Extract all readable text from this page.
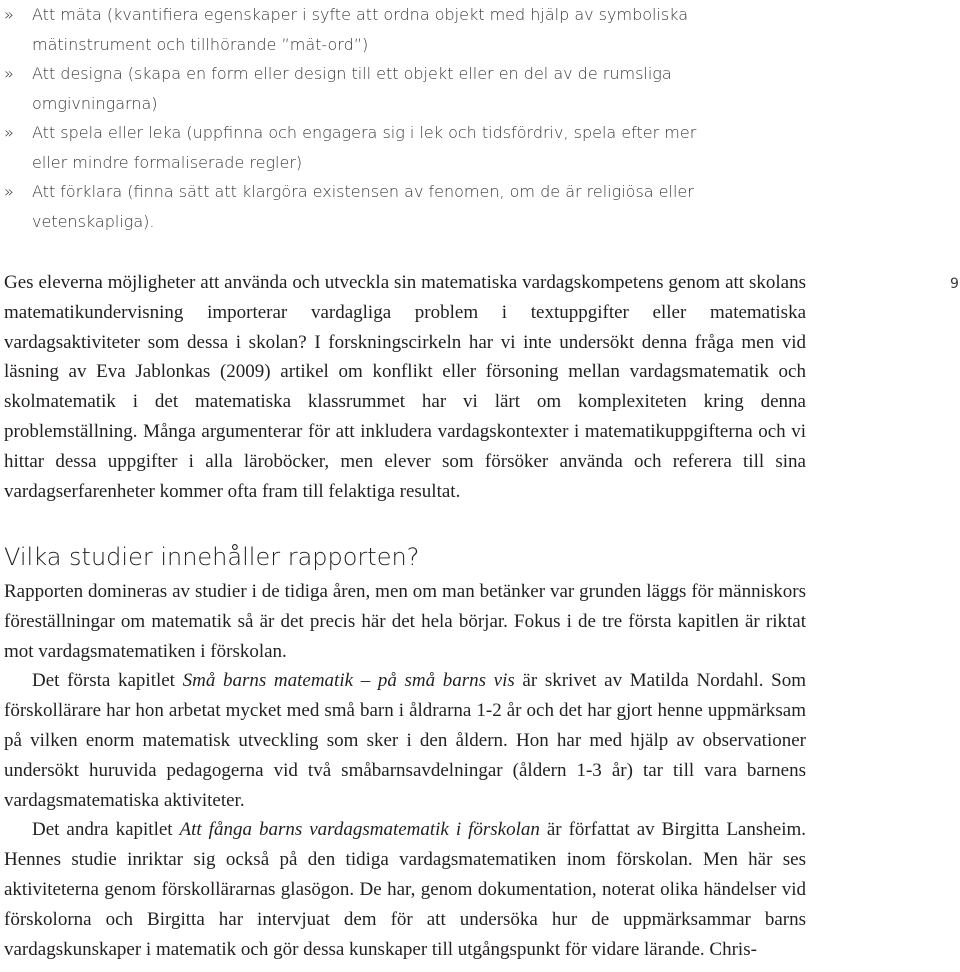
» Att mäta (kvantifiera egenskaper i syfte att ordna objekt med hjälp av symboliska mätinstrument och tillhörande ”mät-ord”)
» Att designa (skapa en form eller design till ett objekt eller en del av de rumsliga omgivningarna)
» Att spela eller leka (uppfinna och engagera sig i lek och tidsfördriv, spela efter mer eller mindre formaliserade regler)
» Att förklara (finna sätt att klargöra existensen av fenomen, om de är religiösa eller vetenskapliga).

Ges eleverna möjligheter att använda och utveckla sin matematiska vardagskompetens genom att skolans matematikundervisning importerar vardagliga problem i textuppgifter eller matematiska vardagsaktiviteter som dessa i skolan? I forskningscirkeln har vi inte undersökt denna fråga men vid läsning av Eva Jablonkas (2009) artikel om konflikt eller försoning mellan vardagsmatematik och skolmatematik i det matematiska klassrummet har vi lärt om komplexiteten kring denna problemställning. Många argumenterar för att inkludera vardagskontexter i matematikuppgifterna och vi hittar dessa uppgifter i alla läroböcker, men elever som försöker använda och referera till sina vardagserfarenheter kommer ofta fram till felaktiga resultat.

9
Vilka studier innehåller rapporten?

Rapporten domineras av studier i de tidiga åren, men om man betänker var grunden läggs för människors föreställningar om matematik så är det precis här det hela börjar. Fokus i de tre första kapitlen är riktat mot vardagsmatematiken i förskolan.

Det första kapitlet Små barns matematik – på små barns vis är skrivet av Matilda Nordahl. Som förskollärare har hon arbetat mycket med små barn i åldrarna 1-2 år och det har gjort henne uppmärksam på vilken enorm matematisk utveckling som sker i den åldern. Hon har med hjälp av observationer undersökt huruvida pedagogerna vid två småbarnsavdelningar (åldern 1-3 år) tar till vara barnens vardagsmatematiska aktiviteter.

Det andra kapitlet Att fånga barns vardagsmatematik i förskolan är författat av Birgitta Lansheim. Hennes studie inriktar sig också på den tidiga vardagsmatematiken inom förskolan. Men här ses aktiviteterna genom förskollärarnas glasögon. De har, genom dokumentation, noterat olika händelser vid förskolorna och Birgitta har intervjuat dem för att undersöka hur de uppmärksammar barns vardagskunskaper i matematik och gör dessa kunskaper till utgångspunkt för vidare lärande. Chris-
